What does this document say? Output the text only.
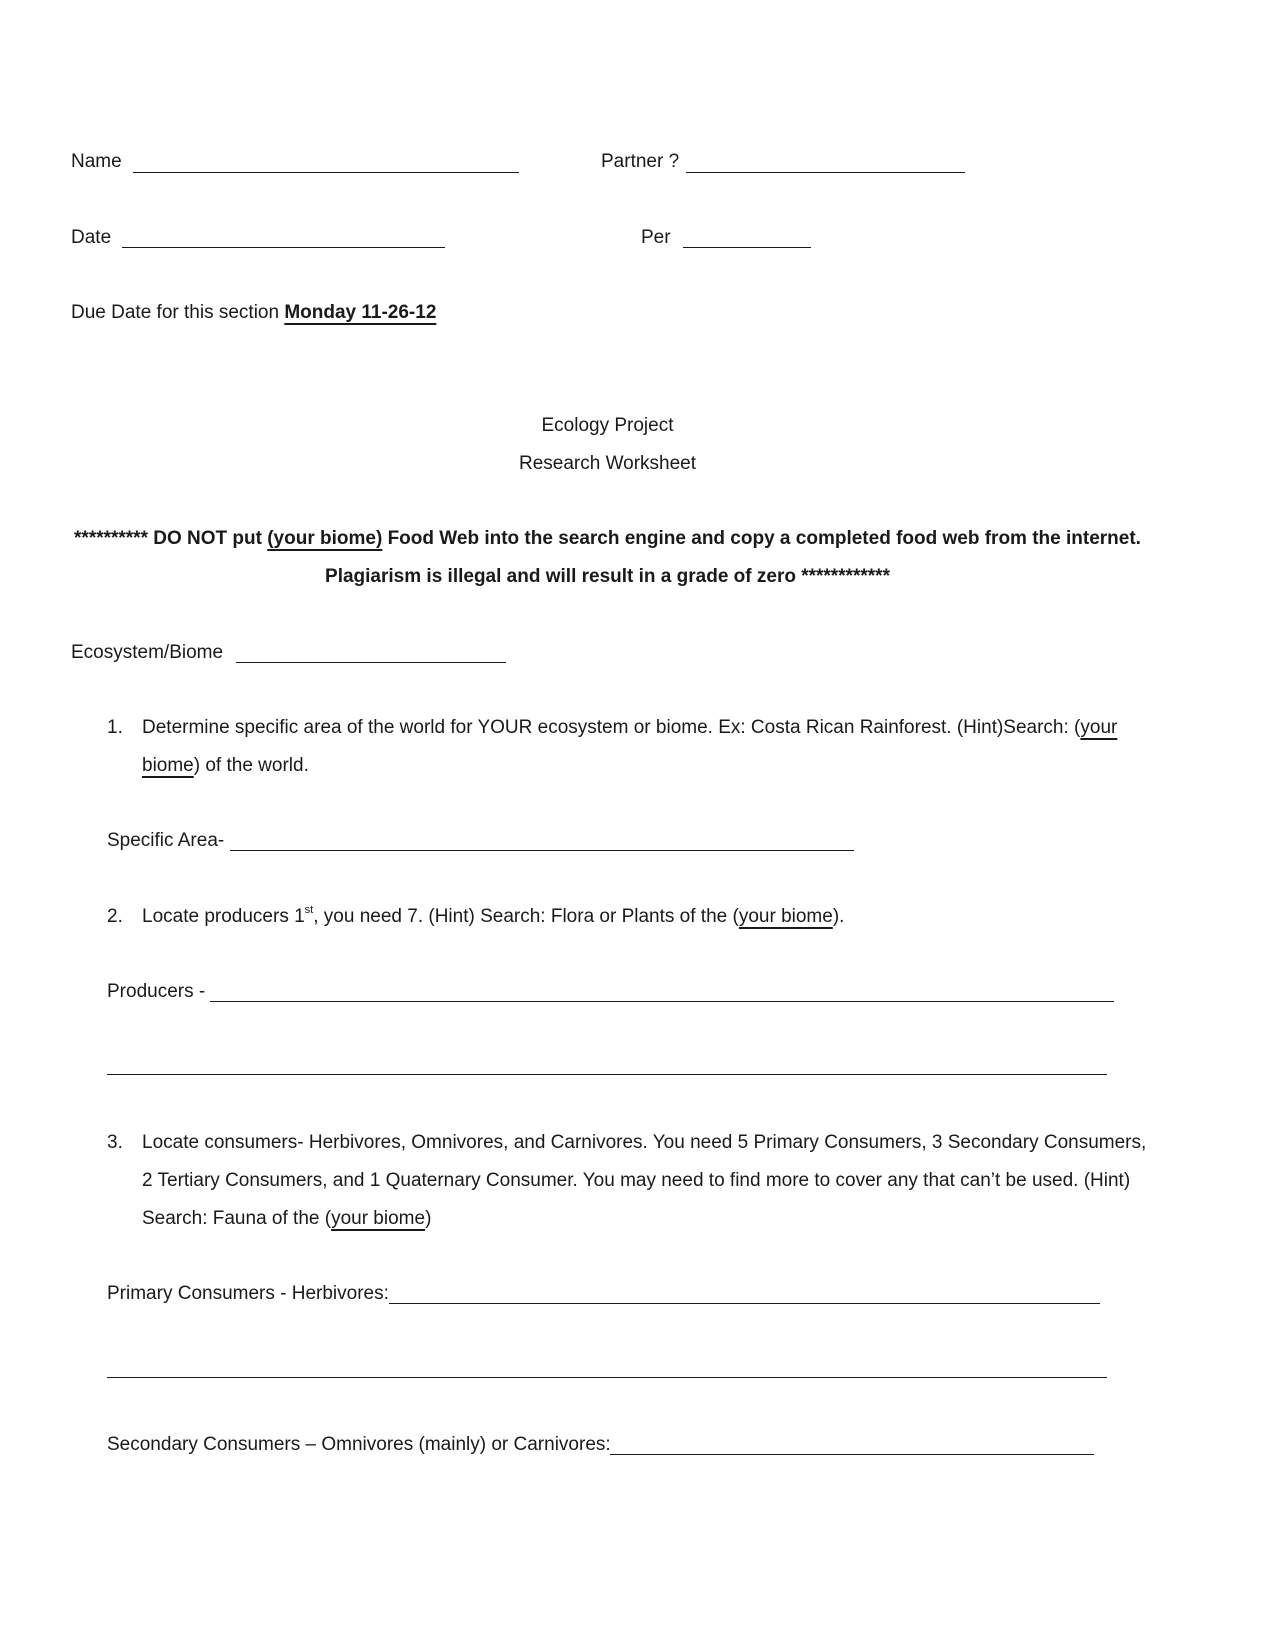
Name	Partner ?
Date	Per
Due Date for this section Monday 11-26-12
Ecology Project
Research Worksheet
********** DO NOT put (your biome) Food Web into the search engine and copy a completed food web from the internet.
Plagiarism is illegal and will result in a grade of zero ************
Ecosystem/Biome
1. Determine specific area of the world for YOUR ecosystem or biome. Ex: Costa Rican Rainforest. (Hint)Search: (your
biome) of the world.
Specific Area-
2. Locate producers 1st, you need 7. (Hint) Search: Flora or Plants of the (your biome).
Producers -
3. Locate consumers- Herbivores, Omnivores, and Carnivores. You need 5 Primary Consumers, 3 Secondary Consumers,
2 Tertiary Consumers, and 1 Quaternary Consumer. You may need to find more to cover any that can’t be used. (Hint)
Search: Fauna of the (your biome)
Primary Consumers - Herbivores:
Secondary Consumers – Omnivores (mainly) or Carnivores:
